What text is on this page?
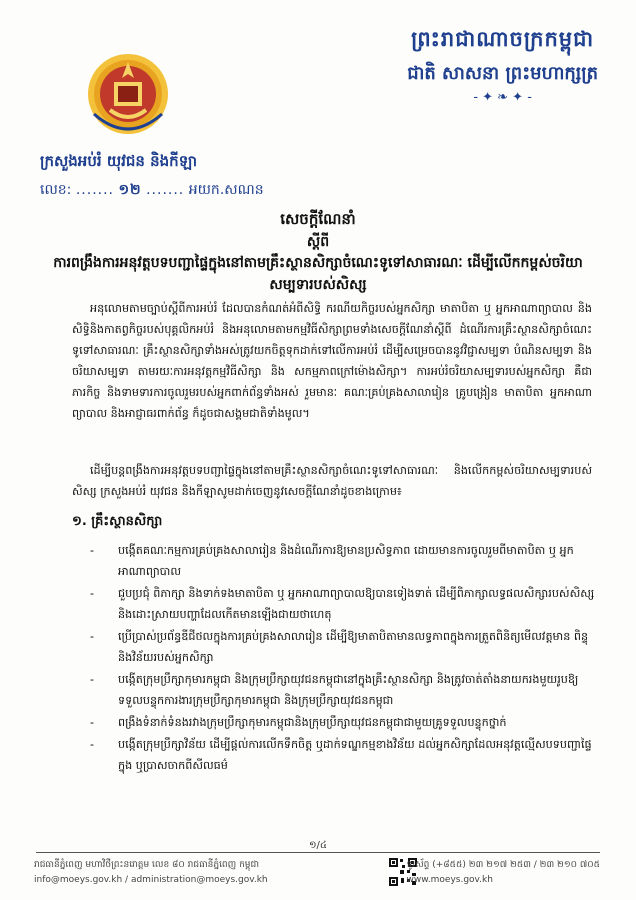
ព្រះរាជាណាចក្រកម្ពុជា
ជាតិ សាសនា ព្រះមហាក្សត្រ
- ✦ ❧ ✦ -
ក្រសួងអប់រំ យុវជន និងកីឡា
លេខ: ....... ១២ ....... អយក.សណន
សេចក្តីណែនាំ
ស្តីពី
ការពង្រឹងការអនុវត្តបទបញ្ជាផ្ទៃក្នុងនៅតាមគ្រឹះស្ថានសិក្សាចំណេះទូទៅសាធារណៈ ដើម្បីលើកកម្ពស់ចរិយាសម្បទារបស់សិស្ស
អនុលោមតាមច្បាប់ស្តីពីការអប់រំ ដែលបានកំណត់អំពីសិទ្ធិ ករណីយកិច្ចរបស់អ្នកសិក្សា មាតាបិតា ឬ អ្នកអាណាព្យាបាល និងសិទ្ធិនិងកាតព្វកិច្ចរបស់បុគ្គលិកអប់រំ និងអនុលោមតាមកម្មវិធីសិក្សាព្រមទាំងសេចក្តីណែនាំស្តីពី ដំណើរការគ្រឹះស្ថានសិក្សាចំណេះទូទៅសាធារណៈ គ្រឹះស្ថានសិក្សាទាំងអស់ត្រូវយកចិត្តទុកដាក់ទៅលើការអប់រំ ដើម្បីសម្រេចបាននូវវិជ្ជាសម្បទា បំណិនសម្បទា និងចរិយាសម្បទា តាមរយៈការអនុវត្តកម្មវិធីសិក្សា និង សកម្មភាពក្រៅម៉ោងសិក្សា។ ការអប់រំចរិយាសម្បទារបស់អ្នកសិក្សា គឺជា ភារកិច្ច និងទាមទារការចូលរួមរបស់អ្នកពាក់ព័ន្ធទាំងអស់ រួមមានៈ គណៈគ្រប់គ្រងសាលារៀន គ្រូបង្រៀន មាតាបិតា អ្នកអាណាព្យាបាល និងអាជ្ញាធរពាក់ព័ន្ធ ក៏ដូចជាសង្គមជាតិទាំងមូល។
ដើម្បីបន្តពង្រឹងការអនុវត្តបទបញ្ជាផ្ទៃក្នុងនៅតាមគ្រឹះស្ថានសិក្សាចំណេះទូទៅសាធារណៈ និងលើកកម្ពស់ចរិយាសម្បទារបស់សិស្ស ក្រសួងអប់រំ យុវជន និងកីឡាសូមដាក់ចេញនូវសេចក្តីណែនាំដូចខាងក្រោម៖
១. គ្រឹះស្ថានសិក្សា
- បង្កើតគណៈកម្មការគ្រប់គ្រងសាលារៀន និងដំណើរការឱ្យមានប្រសិទ្ធភាព ដោយមានការចូលរួមពីមាតាបិតា ឬ អ្នកអាណាព្យាបាល
- ជួបប្រជុំ ពិភាក្សា និងទាក់ទងមាតាបិតា ឬ អ្នកអាណាព្យាបាលឱ្យបានទៀងទាត់ ដើម្បីពិភាក្សាលទ្ធផលសិក្សារបស់សិស្ស និងដោះស្រាយបញ្ហាដែលកើតមានឡើងជាយថាហេតុ
- ប្រើប្រាស់ប្រព័ន្ធឌីជីថលក្នុងការគ្រប់គ្រងសាលារៀន ដើម្បីឱ្យមាតាបិតាមានលទ្ធភាពក្នុងការត្រួតពិនិត្យមើលវត្តមាន ពិន្ទុ និងវិន័យរបស់អ្នកសិក្សា
- បង្កើតក្រុមប្រឹក្សាកុមារកម្ពុជា និងក្រុមប្រឹក្សាយុវជនកម្ពុជានៅក្នុងគ្រឹះស្ថានសិក្សា និងត្រូវចាត់តាំងនាយករងមួយរូបឱ្យទទួលបន្ទុកការងារក្រុមប្រឹក្សាកុមារកម្ពុជា និងក្រុមប្រឹក្សាយុវជនកម្ពុជា
- ពង្រឹងទំនាក់ទំនងរវាងក្រុមប្រឹក្សាកុមារកម្ពុជានិងក្រុមប្រឹក្សាយុវជនកម្ពុជាជាមួយគ្រូទទួលបន្ទុកថ្នាក់
- បង្កើតក្រុមប្រឹក្សាវិន័យ ដើម្បីផ្តល់ការលើកទឹកចិត្ត ឬដាក់ទណ្ឌកម្មខាងវិន័យ ដល់អ្នកសិក្សាដែលអនុវត្តល្មើសបទបញ្ជាផ្ទៃក្នុង ឬប្រាសចាកពីសីលធម៌
១/៤
រាជធានីភ្នំពេញ មហាវិថីព្រះនរោត្តម លេខ ៨០ រាជធានីភ្នំពេញ កម្ពុជា
info@moeys.gov.kh / administration@moeys.gov.kh
ទូរស័ព្ទ (+៨៥៥) ២៣ ២១៧ ២៥៣ / ២៣ ២១០ ៧០៥
www.moeys.gov.kh
